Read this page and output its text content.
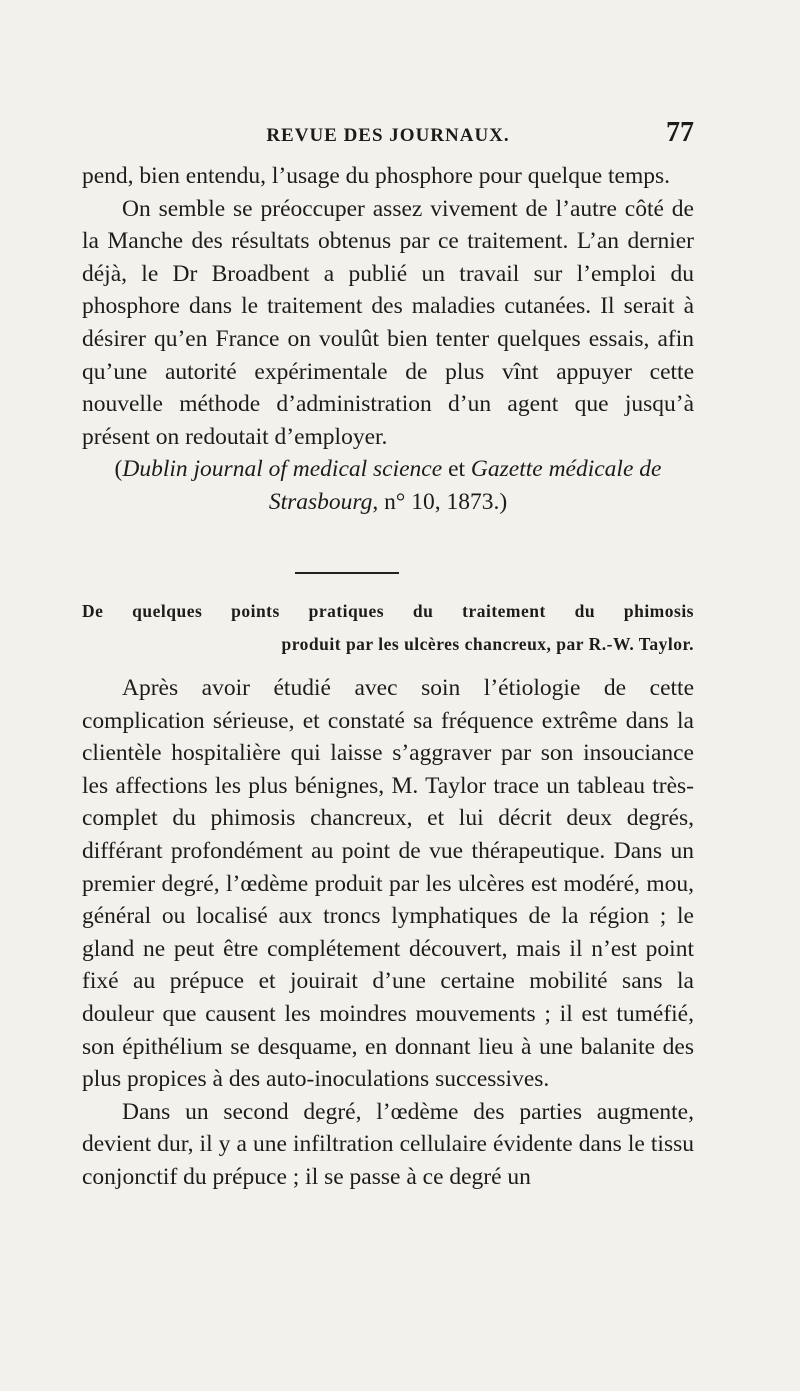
REVUE DES JOURNAUX.	77

pend, bien entendu, l’usage du phosphore pour quelque temps.

On semble se préoccuper assez vivement de l’autre côté de la Manche des résultats obtenus par ce traitement. L’an dernier déjà, le Dr Broadbent a publié un travail sur l’emploi du phosphore dans le traitement des maladies cutanées. Il serait à désirer qu’en France on voulût bien tenter quelques essais, afin qu’une autorité expérimentale de plus vînt appuyer cette nouvelle méthode d’administration d’un agent que jusqu’à présent on redoutait d’employer.

(Dublin journal of medical science et Gazette médicale de Strasbourg, n° 10, 1873.)

De quelques points pratiques du traitement du phimosis
produit par les ulcères chancreux, par R.-W. Taylor.

Après avoir étudié avec soin l’étiologie de cette complication sérieuse, et constaté sa fréquence extrême dans la clientèle hospitalière qui laisse s’aggraver par son insouciance les affections les plus bénignes, M. Taylor trace un tableau très-complet du phimosis chancreux, et lui décrit deux degrés, différant profondément au point de vue thérapeutique. Dans un premier degré, l’œdème produit par les ulcères est modéré, mou, général ou localisé aux troncs lymphatiques de la région ; le gland ne peut être complétement découvert, mais il n’est point fixé au prépuce et jouirait d’une certaine mobilité sans la douleur que causent les moindres mouvements ; il est tuméfié, son épithélium se desquame, en donnant lieu à une balanite des plus propices à des auto-inoculations successives.

Dans un second degré, l’œdème des parties augmente, devient dur, il y a une infiltration cellulaire évidente dans le tissu conjonctif du prépuce ; il se passe à ce degré un
